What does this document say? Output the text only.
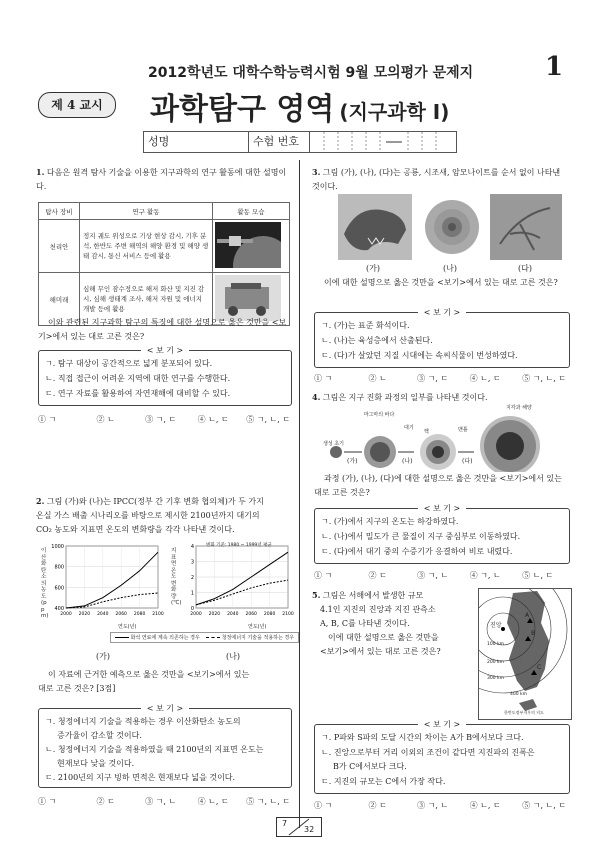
2012학년도 대학수학능력시험 9월 모의평가 문제지	1
제 4 교시	과학탐구 영역 (지구과학 Ⅰ)
성명	수험 번호
1. 다음은 원격 탐사 기술을 이용한 지구과학의 연구 활동에 대한 설명이다.
탐사 장비	연구 활동	활동 모습
천리안	정지 궤도 위성으로 기상 현상 감시, 기후 분석, 한반도 주변 해역의 해양 환경 및 해양 생태 감시, 통신 서비스 등에 활용	
해미래	심해 무인 잠수정으로 해저 화산 및 지진 감시, 심해 생태계 조사, 해저 자원 및 에너지 개발 등에 활용	
이와 관련된 지구과학 탐구의 특징에 대한 설명으로 옳은 것만을 <보기>에서 있는 대로 고른 것은?
< 보 기 >
ㄱ. 탐구 대상이 공간적으로 넓게 분포되어 있다.
ㄴ. 직접 접근이 어려운 지역에 대한 연구를 수행한다.
ㄷ. 연구 자료를 활용하여 자연재해에 대비할 수 있다.
① ㄱ	② ㄴ	③ ㄱ, ㄷ	④ ㄴ, ㄷ ⑤ ㄱ, ㄴ, ㄷ
2. 그림 (가)와 (나)는 IPCC(정부 간 기후 변화 협의체)가 두 가지
온실 가스 배출 시나리오를 바탕으로 제시한 2100년까지 대기의
CO₂ 농도와 지표면 온도의 변화량을 각각 나타낸 것이다.
400
600
800
1000
2000 2020 2040 2060 2080 2100
0
1
2
3
4
2000 2020 2040 2060 2080 2100
변화 기준: 1980 ~ 1999년 평균
이산화탄소의 농도 (ppm)
지표면 온도 변화량 (℃)
연도(년)	연도(년)
화석 연료에 계속 의존하는 경우	청정에너지 기술을 적용하는 경우
(가)	(나)
이 자료에 근거한 예측으로 옳은 것만을 <보기>에서 있는
대로 고른 것은? [3점]
< 보 기 >
ㄱ. 청정에너지 기술을 적용하는 경우 이산화탄소 농도의
증가율이 감소할 것이다.
ㄴ. 청정에너지 기술을 적용하였을 때 2100년의 지표면 온도는
현재보다 낮을 것이다.
ㄷ. 2100년의 지구 빙하 면적은 현재보다 넓을 것이다.
① ㄱ	② ㄷ	③ ㄱ, ㄴ	④ ㄴ, ㄷ ⑤ ㄱ, ㄴ, ㄷ
3. 그림 (가), (나), (다)는 공룡, 시조새, 암모나이트를 순서 없이 나타낸 것이다.
(가)	(나)	(다)
이에 대한 설명으로 옳은 것만을 <보기>에서 있는 대로 고른 것은?
< 보 기 >
ㄱ. (가)는 표준 화석이다.
ㄴ. (나)는 육성층에서 산출된다.
ㄷ. (다)가 살았던 지질 시대에는 속씨식물이 번성하였다.
① ㄱ	② ㄴ	③ ㄱ, ㄷ	④ ㄴ, ㄷ	⑤ ㄱ, ㄴ, ㄷ
4. 그림은 지구 진화 과정의 일부를 나타낸 것이다.
생성 초기
마그마의 바다
대기
핵	맨틀
지각과 해양
(가)	(나)	(다)
과정 (가), (나), (다)에 대한 설명으로 옳은 것만을 <보기>에서 있는 대로 고른 것은?
< 보 기 >
ㄱ. (가)에서 지구의 온도는 하강하였다.
ㄴ. (나)에서 밀도가 큰 물질이 지구 중심부로 이동하였다.
ㄷ. (다)에서 대기 중의 수증기가 응결하여 비로 내렸다.
① ㄱ	② ㄷ	③ ㄱ, ㄴ	④ ㄱ, ㄴ	⑤ ㄴ, ㄷ
5. 그림은 서해에서 발생한 규모
4.1인 지진의 진앙과 지진 관측소
A, B, C를 나타낸 것이다.
이에 대한 설명으로 옳은 것만을
<보기>에서 있는 대로 고른 것은?
진앙
A
B
C
100 km
200 km
300 km
400 km
한반도정부저우의 지도
< 보 기 >
ㄱ. P파와 S파의 도달 시간의 차이는 A가 B에서보다 크다.
ㄴ. 진앙으로부터 거리 이외의 조건이 같다면 지진파의 진폭은
B가 C에서보다 크다.
ㄷ. 지진의 규모는 C에서 가장 작다.
① ㄱ	② ㄷ	③ ㄱ, ㄴ	④ ㄴ, ㄷ	⑤ ㄱ, ㄴ, ㄷ
7
32
